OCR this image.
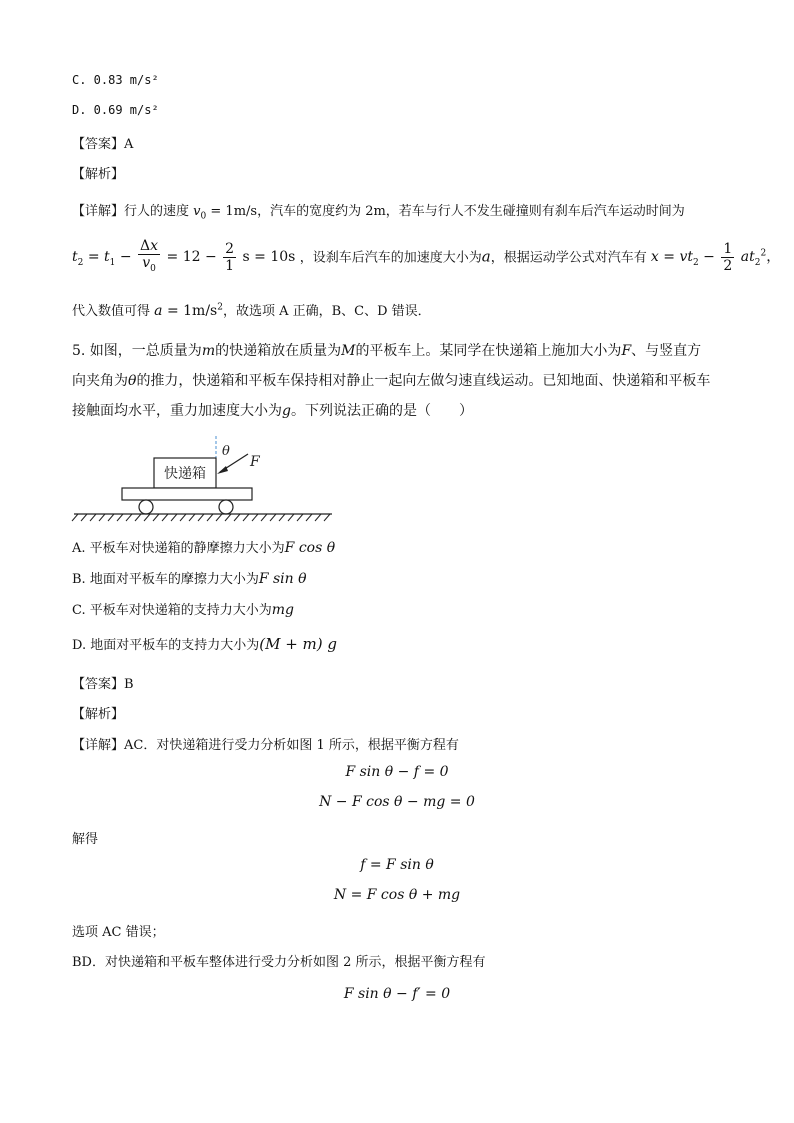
C. 0.83 m/s²
D. 0.69 m/s²
【答案】A
【解析】
【详解】行人的速度 $v_0 = 1m/s$，汽车的宽度约为 2m，若车与行人不发生碰撞则有刹车后汽车运动时间为
$t_2 = t_1 - \frac{\Delta x}{v_0} = 12 - \frac{2}{1}$ s = 10s ，设刹车后汽车的加速度大小为a，根据运动学公式对汽车有 $x = vt_2 - \frac{1}{2} at_2^2$，
代入数值可得 $a = 1m/s^2$，故选项 A 正确，B、C、D 错误．
5. 如图，一总质量为m的快递箱放在质量为M的平板车上。某同学在快递箱上施加大小为F、与竖直方
向夹角为θ的推力，快递箱和平板车保持相对静止一起向左做匀速直线运动。已知地面、快递箱和平板车
接触面均水平，重力加速度大小为g。下列说法正确的是（　　）
快递箱
θ
F
A. 平板车对快递箱的静摩擦力大小为F cos θ
B. 地面对平板车的摩擦力大小为F sin θ
C. 平板车对快递箱的支持力大小为mg
D. 地面对平板车的支持力大小为(M + m) g
【答案】B
【解析】
【详解】AC．对快递箱进行受力分析如图 1 所示，根据平衡方程有
F sin θ − f = 0
N − F cos θ − mg = 0
解得
f = F sin θ
N = F cos θ + mg
选项 AC 错误；
BD．对快递箱和平板车整体进行受力分析如图 2 所示，根据平衡方程有
F sin θ − f′ = 0
